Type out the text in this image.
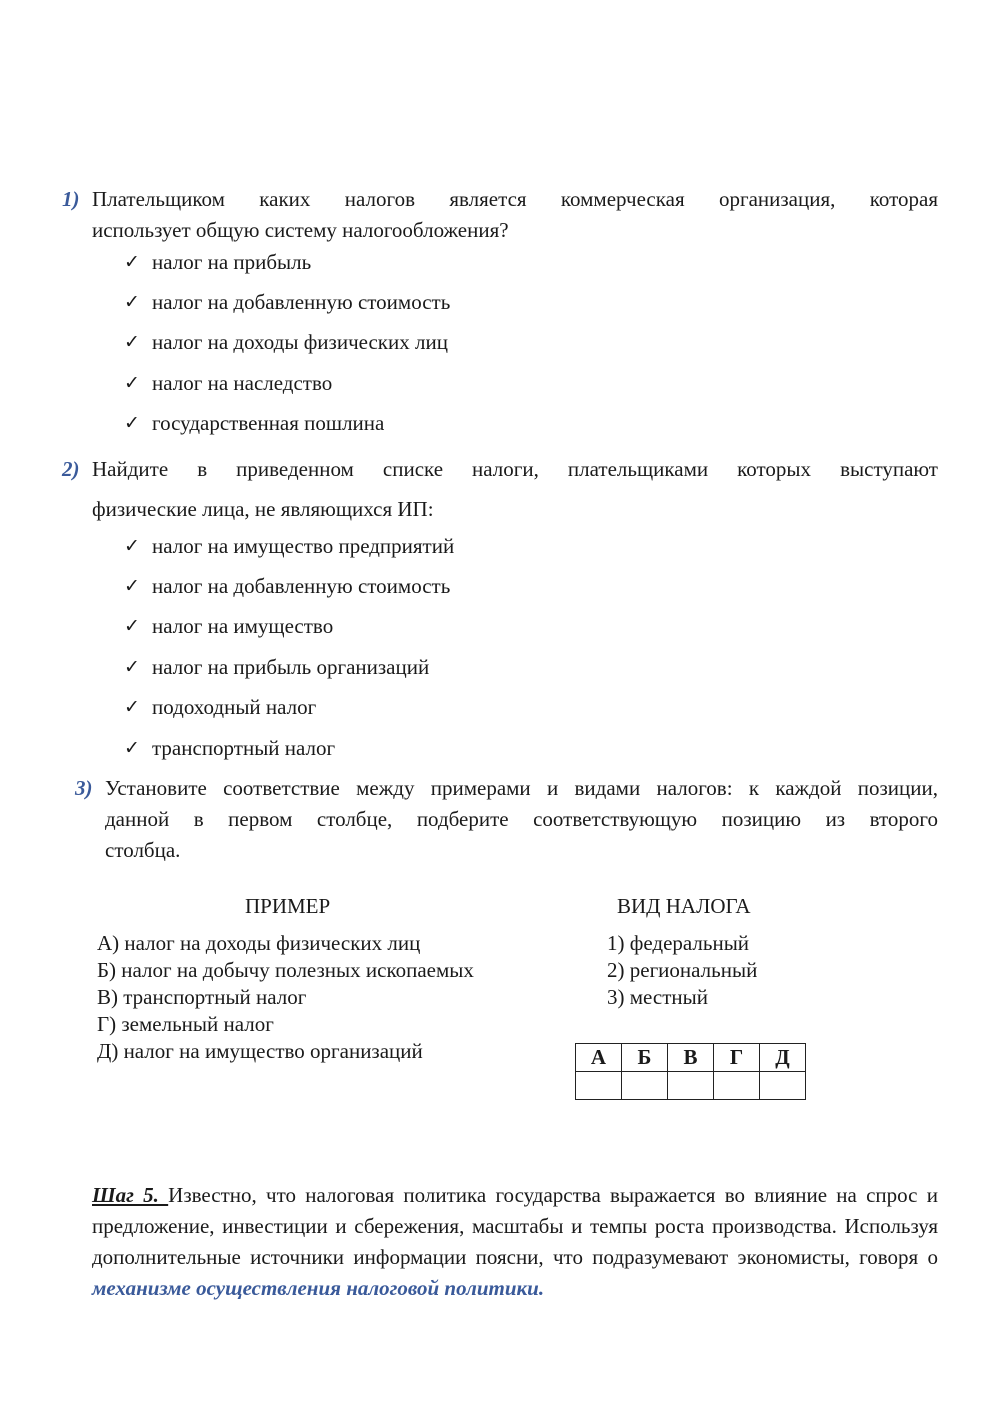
1) Плательщиком каких налогов является коммерческая организация, которая
использует общую систему налогообложения?
✓ налог на прибыль
✓ налог на добавленную стоимость
✓ налог на доходы физических лиц
✓ налог на наследство
✓ государственная пошлина
2) Найдите в приведенном списке налоги, плательщиками которых выступают
физические лица, не являющихся ИП:
✓ налог на имущество предприятий
✓ налог на добавленную стоимость
✓ налог на имущество
✓ налог на прибыль организаций
✓ подоходный налог
✓ транспортный налог
3) Установите соответствие между примерами и видами налогов: к каждой позиции,
данной в первом столбце, подберите соответствующую позицию из второго
столбца.
ПРИМЕР	ВИД НАЛОГА
А) налог на доходы физических лиц
Б) налог на добычу полезных ископаемых
В) транспортный налог
Г) земельный налог
Д) налог на имущество организаций
1) федеральный
2) региональный
3) местный
А	Б	В	Г	Д

Шаг 5. Известно, что налоговая политика государства выражается во влияние на спрос и предложение, инвестиции и сбережения, масштабы и темпы роста производства. Используя дополнительные источники информации поясни, что подразумевают экономисты, говоря о механизме осуществления налоговой политики.
